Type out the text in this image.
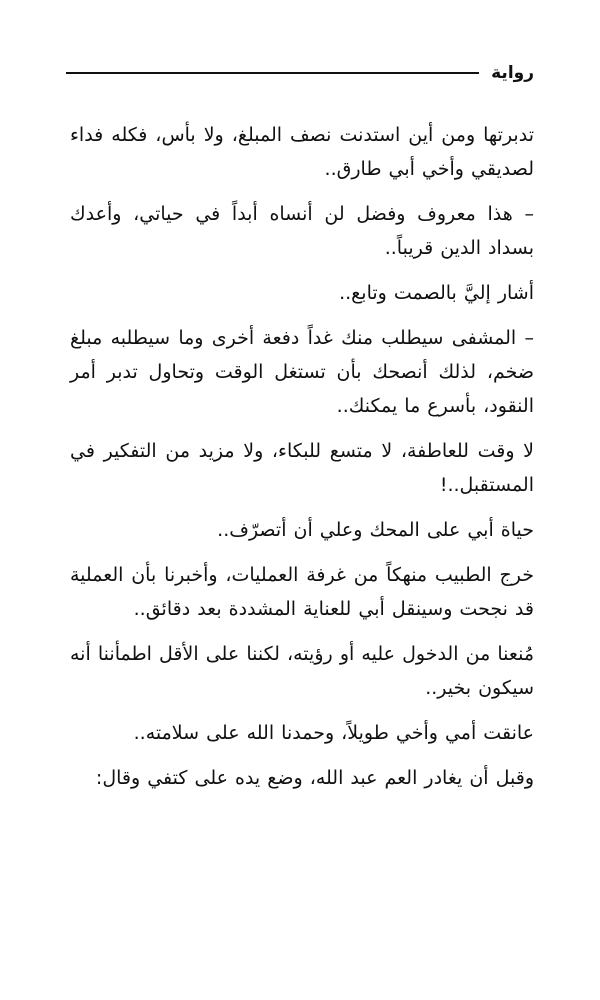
رواية

تدبرتها ومن أين استدنت نصف المبلغ، ولا بأس، فكله فداء لصديقي وأخي أبي طارق..

– هذا معروف وفضل لن أنساه أبداً في حياتي، وأعدك بسداد الدين قريباً..

أشار إليَّ بالصمت وتابع..

– المشفى سيطلب منك غداً دفعة أخرى وما سيطلبه مبلغ ضخم، لذلك أنصحك بأن تستغل الوقت وتحاول تدبر أمر النقود، بأسرع ما يمكنك..

لا وقت للعاطفة، لا متسع للبكاء، ولا مزيد من التفكير في المستقبل..!

حياة أبي على المحك وعلي أن أتصرّف..

خرج الطبيب منهكاً من غرفة العمليات، وأخبرنا بأن العملية قد نجحت وسينقل أبي للعناية المشددة بعد دقائق..

مُنعنا من الدخول عليه أو رؤيته، لكننا على الأقل اطمأننا أنه سيكون بخير..

عانقت أمي وأخي طويلاً، وحمدنا الله على سلامته..

وقبل أن يغادر العم عبد الله، وضع يده على كتفي وقال:
